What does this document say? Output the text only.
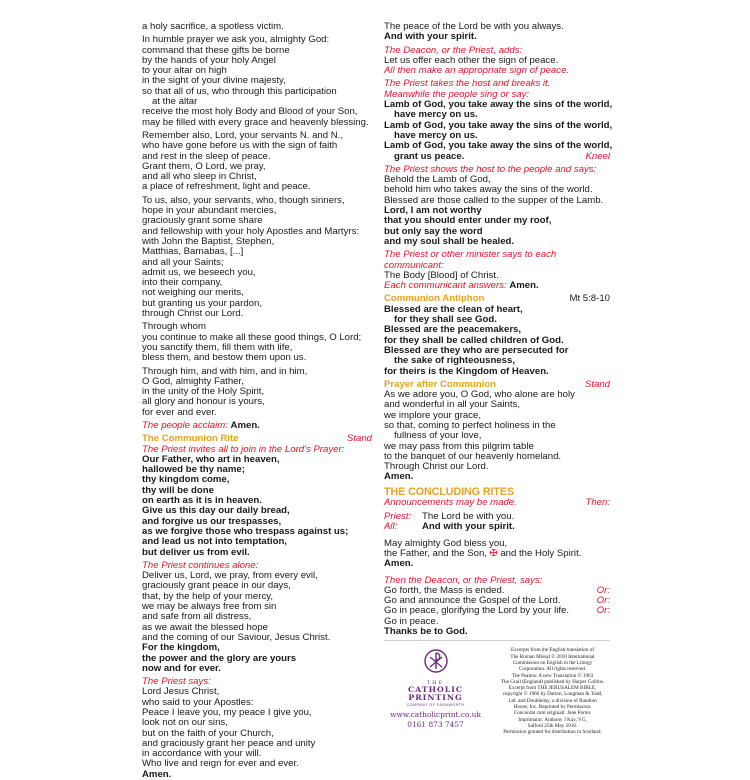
a holy sacrifice, a spotless victim.
In humble prayer we ask you, almighty God:
command that these gifts be borne
by the hands of your holy Angel
to your altar on high
in the sight of your divine majesty,
so that all of us, who through this participation
at the altar
receive the most holy Body and Blood of your Son,
may be filled with every grace and heavenly blessing.
Remember also, Lord, your servants N. and N.,
who have gone before us with the sign of faith
and rest in the sleep of peace.
Grant them, O Lord, we pray,
and all who sleep in Christ,
a place of refreshment, light and peace.
To us, also, your servants, who, though sinners,
hope in your abundant mercies,
graciously grant some share
and fellowship with your holy Apostles and Martyrs:
with John the Baptist, Stephen,
Matthias, Barnabas, [...]
and all your Saints;
admit us, we beseech you,
into their company,
not weighing our merits,
but granting us your pardon,
through Christ our Lord.
Through whom
you continue to make all these good things, O Lord;
you sanctify them, fill them with life,
bless them, and bestow them upon us.
Through him, and with him, and in him,
O God, almighty Father,
in the unity of the Holy Spirit,
all glory and honour is yours,
for ever and ever.
The people acclaim: Amen.
The Communion Rite	Stand
The Priest invites all to join in the Lord's Prayer:
Our Father, who art in heaven,
hallowed be thy name;
thy kingdom come,
thy will be done
on earth as it is in heaven.
Give us this day our daily bread,
and forgive us our trespasses,
as we forgive those who trespass against us;
and lead us not into temptation,
but deliver us from evil.
The Priest continues alone:
Deliver us, Lord, we pray, from every evil,
graciously grant peace in our days,
that, by the help of your mercy,
we may be always free from sin
and safe from all distress,
as we await the blessed hope
and the coming of our Saviour, Jesus Christ.
For the kingdom,
the power and the glory are yours
now and for ever.
The Priest says:
Lord Jesus Christ,
who said to your Apostles:
Peace I leave you, my peace I give you,
look not on our sins,
but on the faith of your Church,
and graciously grant her peace and unity
in accordance with your will.
Who live and reign for ever and ever.
Amen.
The peace of the Lord be with you always.
And with your spirit.
The Deacon, or the Priest, adds:
Let us offer each other the sign of peace.
All then make an appropriate sign of peace.
The Priest takes the host and breaks it.
Meanwhile the people sing or say:
Lamb of God, you take away the sins of the world,
have mercy on us.
Lamb of God, you take away the sins of the world,
have mercy on us.
Lamb of God, you take away the sins of the world,
grant us peace.	Kneel
The Priest shows the host to the people and says:
Behold the Lamb of God,
behold him who takes away the sins of the world.
Blessed are those called to the supper of the Lamb.
Lord, I am not worthy
that you should enter under my roof,
but only say the word
and my soul shall be healed.
The Priest or other minister says to each
communicant:
The Body [Blood] of Christ.
Each communicant answers: Amen.
Communion Antiphon	Mt 5:8-10
Blessed are the clean of heart,
for they shall see God.
Blessed are the peacemakers,
for they shall be called children of God.
Blessed are they who are persecuted for
the sake of righteousness,
for theirs is the Kingdom of Heaven.
Prayer after Communion	Stand
As we adore you, O God, who alone are holy
and wonderful in all your Saints,
we implore your grace,
so that, coming to perfect holiness in the
fullness of your love,
we may pass from this pilgrim table
to the banquet of our heavenly homeland.
Through Christ our Lord.
Amen.
THE CONCLUDING RITES
Announcements may be made.	Then:
Priest:	The Lord be with you.
All:	And with your spirit.
May almighty God bless you,
the Father, and the Son, ✠ and the Holy Spirit.
Amen.
Then the Deacon, or the Priest, says:
Go forth, the Mass is ended.	Or:
Go and announce the Gospel of the Lord.	Or:
Go in peace, glorifying the Lord by your life.	Or:
Go in peace.
Thanks be to God.
THE
CATHOLIC
PRINTING
COMPANY OF FARNWORTH
www.catholicprint.co.uk
0161 873 7457
Excerpts from the English translation of
The Roman Missal © 2010 International
Commission on English in the Liturgy
Corporation. All rights reserved.
The Psalms: A new Translation © 1963
The Grail (England) published by Harper Collins.
Excerpt from THE JERUSALEM BIBLE,
copyright © 1966 by Darton, Longman & Todd,
Ltd. and Doubleday, a division of Random
House, Inc. Reprinted by Permission.
Concordat cum originali: Jane Porter.
Imprimatur: Anthony J Kay, VG,
Salford 25th May 2016.
Permission granted for distribution in Scotland.
